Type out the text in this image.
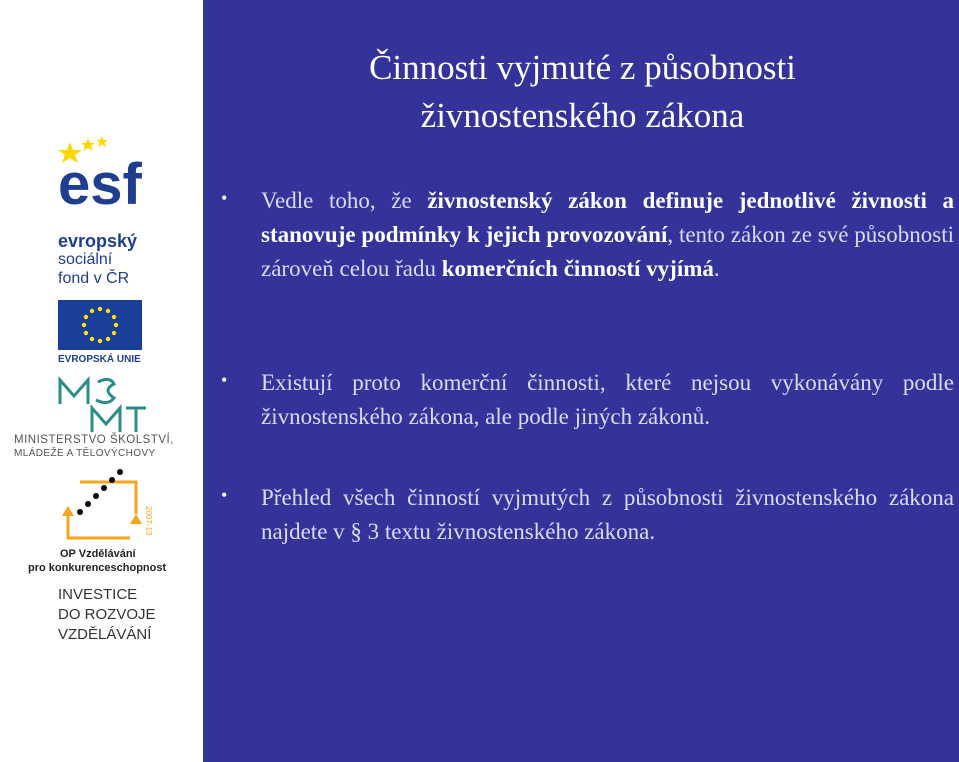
esf
evropský
sociální
fond v ČR
EVROPSKÁ UNIE
MINISTERSTVO ŠKOLSTVÍ,
MLÁDEŽE A TĚLOVÝCHOVY
2007-13
OP Vzdělávání
pro konkurenceschopnost
INVESTICE
DO ROZVOJE
VZDĚLÁVÁNÍ
Činnosti vyjmuté z působnosti
živnostenského zákona
• Vedle toho, že živnostenský zákon definuje jednotlivé živnosti a stanovuje podmínky k jejich provozování, tento zákon ze své působnosti zároveň celou řadu komerčních činností vyjímá.
• Existují proto komerční činnosti, které nejsou vykonávány podle živnostenského zákona, ale podle jiných zákonů.
• Přehled všech činností vyjmutých z působnosti živnostenského zákona najdete v § 3 textu živnostenského zákona.
